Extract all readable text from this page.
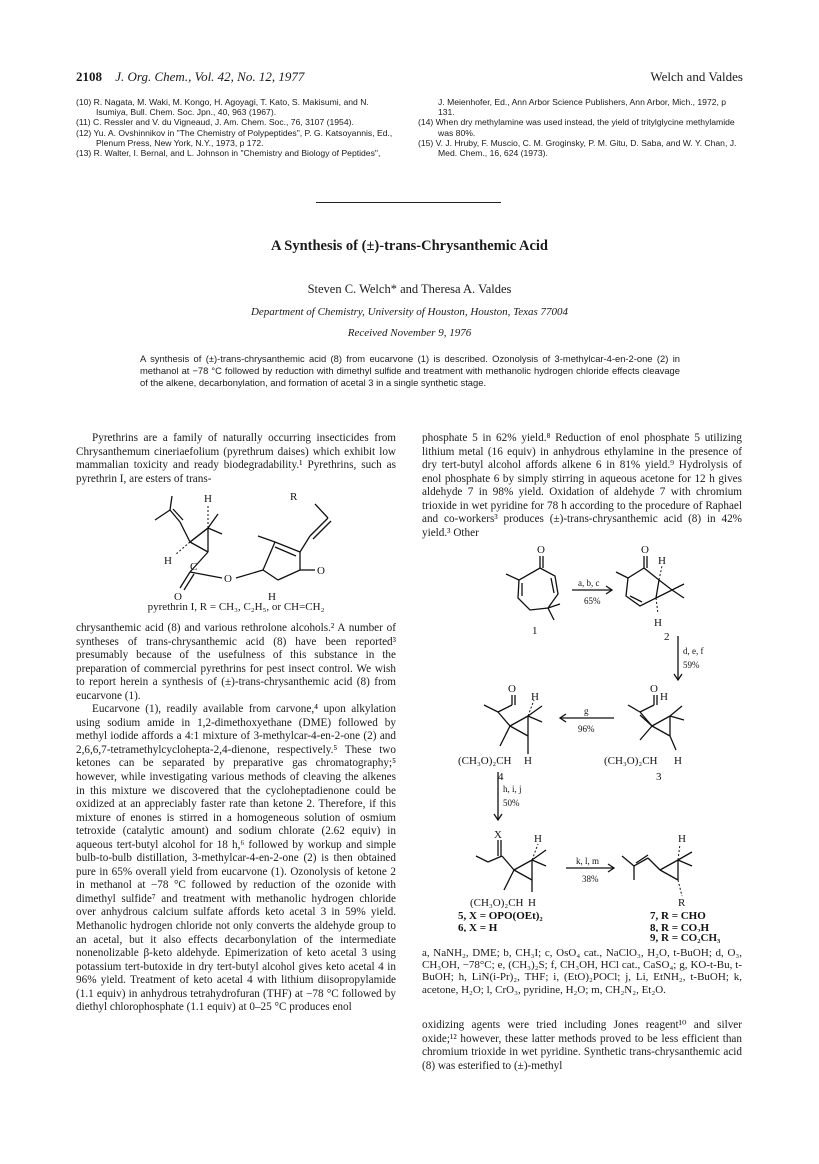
2108 J. Org. Chem., Vol. 42, No. 12, 1977	Welch and Valdes
(10) R. Nagata, M. Waki, M. Kongo, H. Agoyagi, T. Kato, S. Makisumi, and N. Isumiya, Bull. Chem. Soc. Jpn., 40, 963 (1967).
(11) C. Ressler and V. du Vigneaud, J. Am. Chem. Soc., 76, 3107 (1954).
(12) Yu. A. Ovshinnikov in "The Chemistry of Polypeptides", P. G. Katsoyannis, Ed., Plenum Press, New York, N.Y., 1973, p 172.
(13) R. Walter, I. Bernal, and L. Johnson in "Chemistry and Biology of Peptides",
J. Meienhofer, Ed., Ann Arbor Science Publishers, Ann Arbor, Mich., 1972, p 131.
(14) When dry methylamine was used instead, the yield of tritylglycine methylamide was 80%.
(15) V. J. Hruby, F. Muscio, C. M. Groginsky, P. M. Gitu, D. Saba, and W. Y. Chan, J. Med. Chem., 16, 624 (1973).
A Synthesis of (±)-trans-Chrysanthemic Acid
Steven C. Welch* and Theresa A. Valdes
Department of Chemistry, University of Houston, Houston, Texas 77004
Received November 9, 1976
A synthesis of (±)-trans-chrysanthemic acid (8) from eucarvone (1) is described. Ozonolysis of 3-methylcar-4-en-2-one (2) in methanol at −78 °C followed by reduction with dimethyl sulfide and treatment with methanolic hydrogen chloride effects cleavage of the alkene, decarbonylation, and formation of acetal 3 in a single synthetic stage.

Pyrethrins are a family of naturally occurring insecticides from Chrysanthemum cineriaefolium (pyrethrum daises) which exhibit low mammalian toxicity and ready biodegradability.¹ Pyrethrins, such as pyrethrin I, are esters of trans-

H	R
H C
O
O
O
H
pyrethrin I, R = CH₃, C₂H₅, or CH=CH₂

chrysanthemic acid (8) and various rethrolone alcohols.² A number of syntheses of trans-chrysanthemic acid (8) have been reported³ presumably because of the usefulness of this substance in the preparation of commercial pyrethrins for pest insect control. We wish to report herein a synthesis of (±)-trans-chrysanthemic acid (8) from eucarvone (1).

Eucarvone (1), readily available from carvone,⁴ upon alkylation using sodium amide in 1,2-dimethoxyethane (DME) followed by methyl iodide affords a 4:1 mixture of 3-methylcar-4-en-2-one (2) and 2,6,6,7-tetramethylcyclohepta-2,4-dienone, respectively.⁵ These two ketones can be separated by preparative gas chromatography;⁵ however, while investigating various methods of cleaving the alkenes in this mixture we discovered that the cycloheptadienone could be oxidized at an appreciably faster rate than ketone 2. Therefore, if this mixture of enones is stirred in a homogeneous solution of osmium tetroxide (catalytic amount) and sodium chlorate (2.62 equiv) in aqueous tert-butyl alcohol for 18 h,⁶ followed by workup and simple bulb-to-bulb distillation, 3-methylcar-4-en-2-one (2) is then obtained pure in 65% overall yield from eucarvone (1). Ozonolysis of ketone 2 in methanol at −78 °C followed by reduction of the ozonide with dimethyl sulfide⁷ and treatment with methanolic hydrogen chloride over anhydrous calcium sulfate affords keto acetal 3 in 59% yield. Methanolic hydrogen chloride not only converts the aldehyde group to an acetal, but it also effects decarbonylation of the intermediate nonenolizable β-keto aldehyde. Epimerization of keto acetal 3 using potassium tert-butoxide in dry tert-butyl alcohol gives keto acetal 4 in 96% yield. Treatment of keto acetal 4 with lithium diisopropylamide (1.1 equiv) in anhydrous tetrahydrofuran (THF) at −78 °C followed by diethyl chlorophosphate (1.1 equiv) at 0–25 °C produces enol

phosphate 5 in 62% yield.⁸ Reduction of enol phosphate 5 utilizing lithium metal (16 equiv) in anhydrous ethylamine in the presence of dry tert-butyl alcohol affords alkene 6 in 81% yield.⁹ Hydrolysis of enol phosphate 6 by simply stirring in aqueous acetone for 12 h gives aldehyde 7 in 98% yield. Oxidation of aldehyde 7 with chromium trioxide in wet pyridine for 78 h according to the procedure of Raphael and co-workers³ produces (±)-trans-chrysanthemic acid (8) in 42% yield.³ Other

O
1
O
H
H
2
O
H
(CH₃O)₂CH H
3
O
H
(CH₃O)₂CH H
4
X	H	H
R
(CH₃O)₂CH H
a, b, c
65%
d, e, f
59%
g
96%
h, i, j
50%
k, l, m
38%
5, X = OPO(OEt)₂
6, X = H
7, R = CHO
8, R = CO₂H
9, R = CO₂CH₃
a, NaNH₂, DME; b, CH₃I; c, OsO₄ cat., NaClO₃, H₂O, t-BuOH; d, O₃, CH₃OH, −78°C; e, (CH₃)₂S; f, CH₃OH, HCl cat., CaSO₄; g, KO-t-Bu, t-BuOH; h, LiN(i-Pr)₂, THF; i, (EtO)₂POCl; j, Li, EtNH₂, t-BuOH; k, acetone, H₂O; l, CrO₃, pyridine, H₂O; m, CH₂N₂, Et₂O.

oxidizing agents were tried including Jones reagent¹⁰ and silver oxide;¹² however, these latter methods proved to be less efficient than chromium trioxide in wet pyridine. Synthetic trans-chrysanthemic acid (8) was esterified to (±)-methyl
